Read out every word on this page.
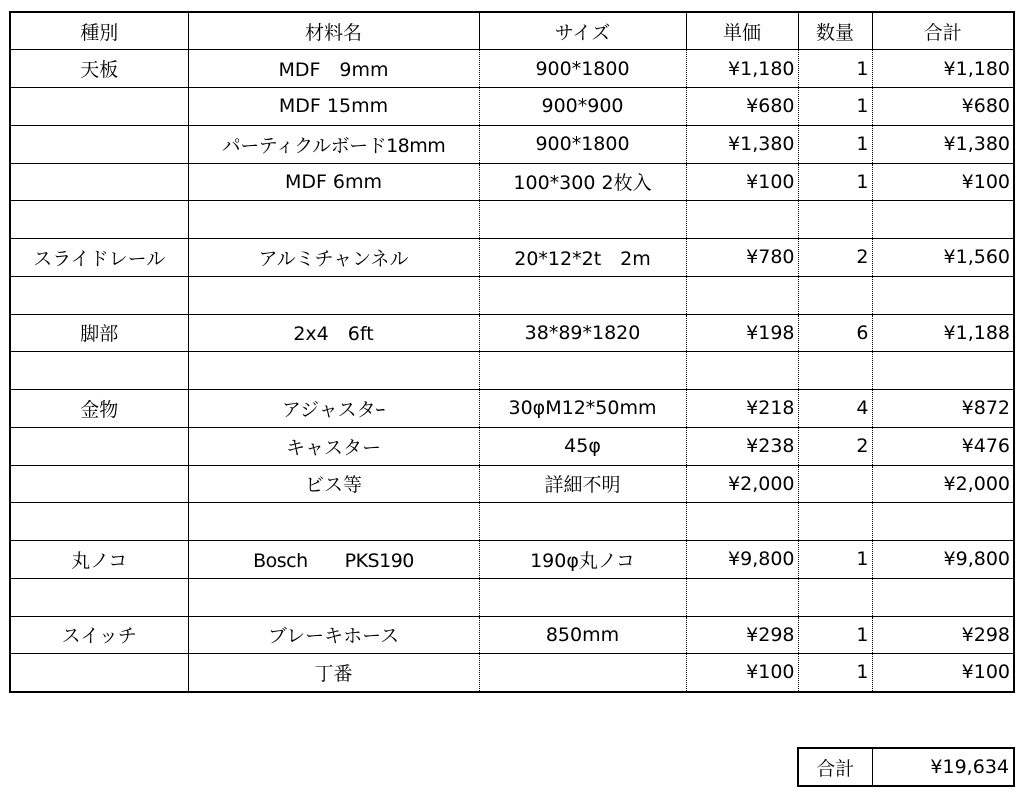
種別	材料名	サイズ	単価	数量	合計
天板	MDF　9mm	900*1800	¥1,180	1	¥1,180
	MDF 15mm	900*900	¥680	1	¥680
	パーティクルボード18mm	900*1800	¥1,380	1	¥1,380
	MDF 6mm	100*300 2枚入	¥100	1	¥100

スライドレール	アルミチャンネル	20*12*2t　2m	¥780	2	¥1,560

脚部	2x4　6ft	38*89*1820	¥198	6	¥1,188

金物	アジャスタｰ	30φM12*50mm	¥218	4	¥872
	キャスター	45φ	¥238	2	¥476
	ビス等	詳細不明	¥2,000		¥2,000

丸ノコ	Bosch　　PKS190	190φ丸ノコ	¥9,800	1	¥9,800

スイッチ	ブレーキホース	850mm	¥298	1	¥298
	丁番		¥100	1	¥100
合計	¥19,634
